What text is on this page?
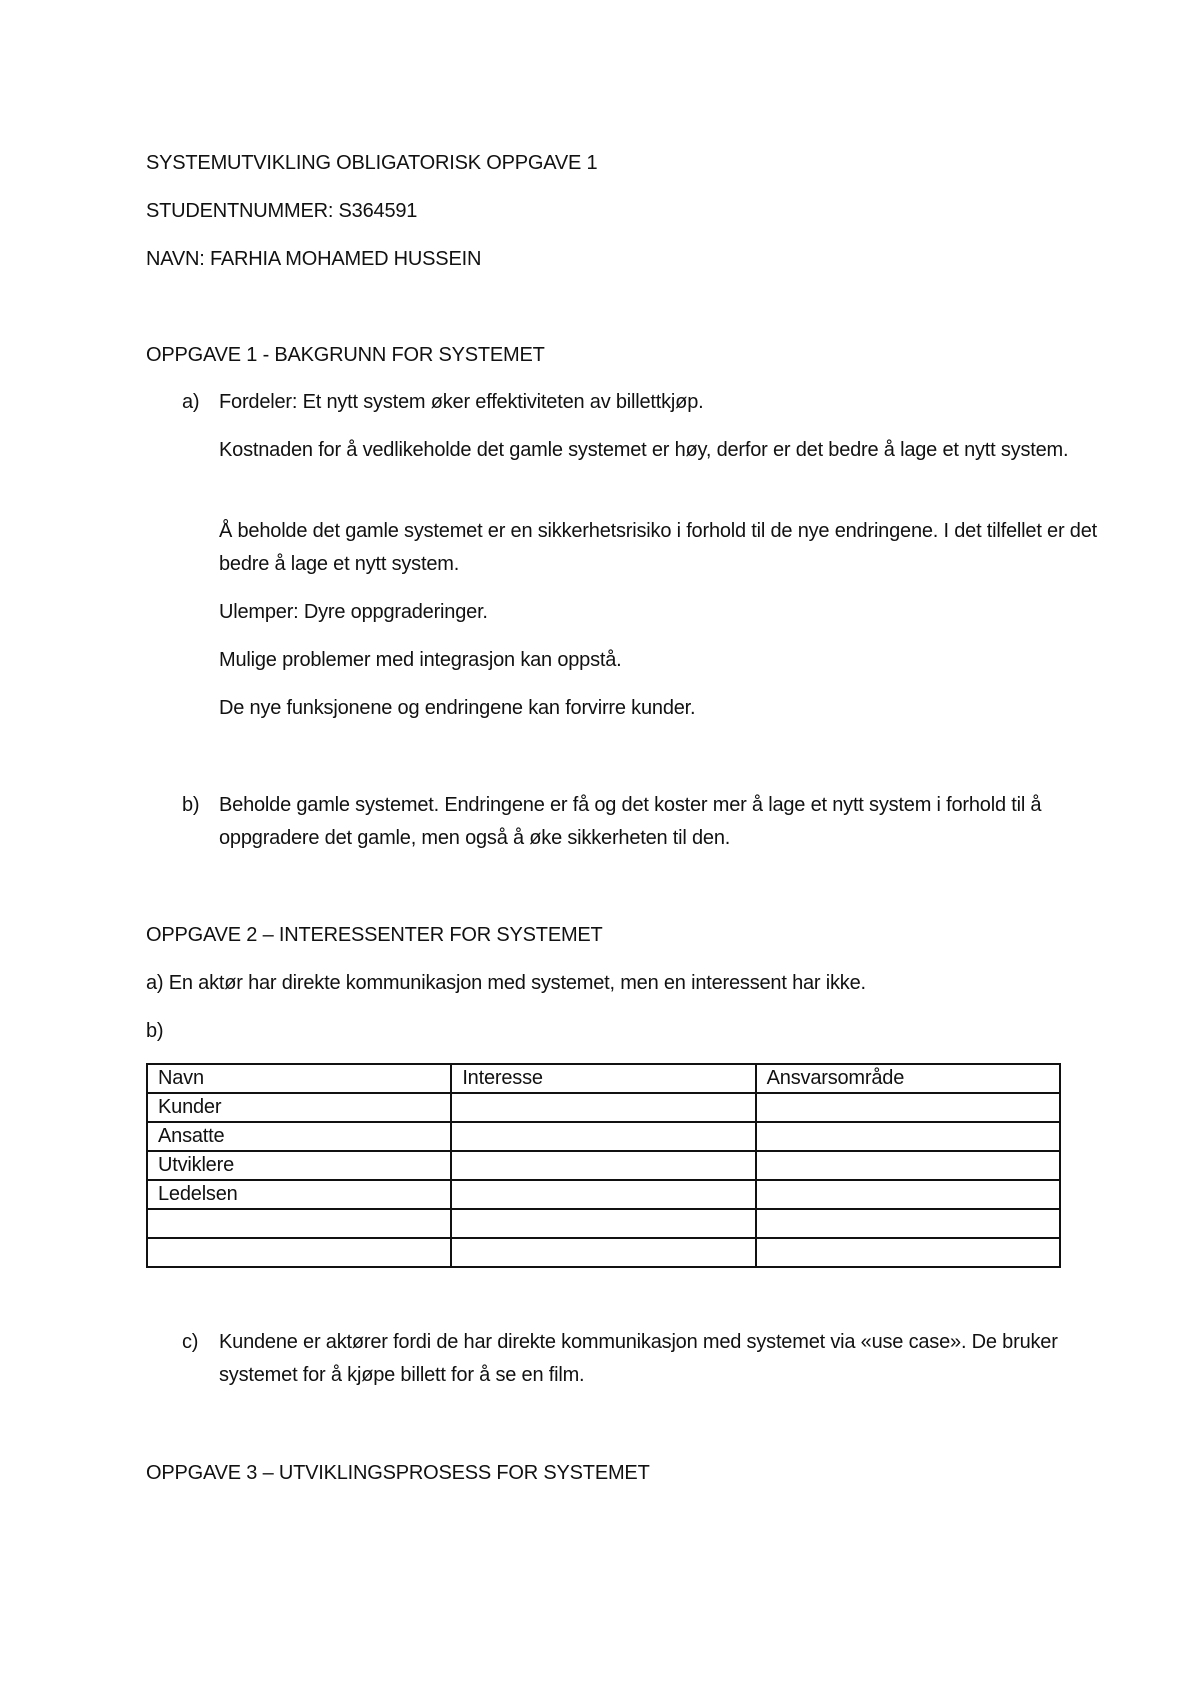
SYSTEMUTVIKLING OBLIGATORISK OPPGAVE 1
STUDENTNUMMER: S364591
NAVN: FARHIA MOHAMED HUSSEIN
OPPGAVE 1 - BAKGRUNN FOR SYSTEMET
a) Fordeler: Et nytt system øker effektiviteten av billettkjøp.
Kostnaden for å vedlikeholde det gamle systemet er høy, derfor er det bedre å lage et nytt system.
Å beholde det gamle systemet er en sikkerhetsrisiko i forhold til de nye endringene. I det tilfellet er det bedre å lage et nytt system.
Ulemper: Dyre oppgraderinger.
Mulige problemer med integrasjon kan oppstå.
De nye funksjonene og endringene kan forvirre kunder.
b) Beholde gamle systemet. Endringene er få og det koster mer å lage et nytt system i forhold til å oppgradere det gamle, men også å øke sikkerheten til den.
OPPGAVE 2 – INTERESSENTER FOR SYSTEMET
a) En aktør har direkte kommunikasjon med systemet, men en interessent har ikke.
b)
Navn	Interesse	Ansvarsområde
Kunder		
Ansatte		
Utviklere		
Ledelsen		

c) Kundene er aktører fordi de har direkte kommunikasjon med systemet via «use case». De bruker systemet for å kjøpe billett for å se en film.
OPPGAVE 3 – UTVIKLINGSPROSESS FOR SYSTEMET
